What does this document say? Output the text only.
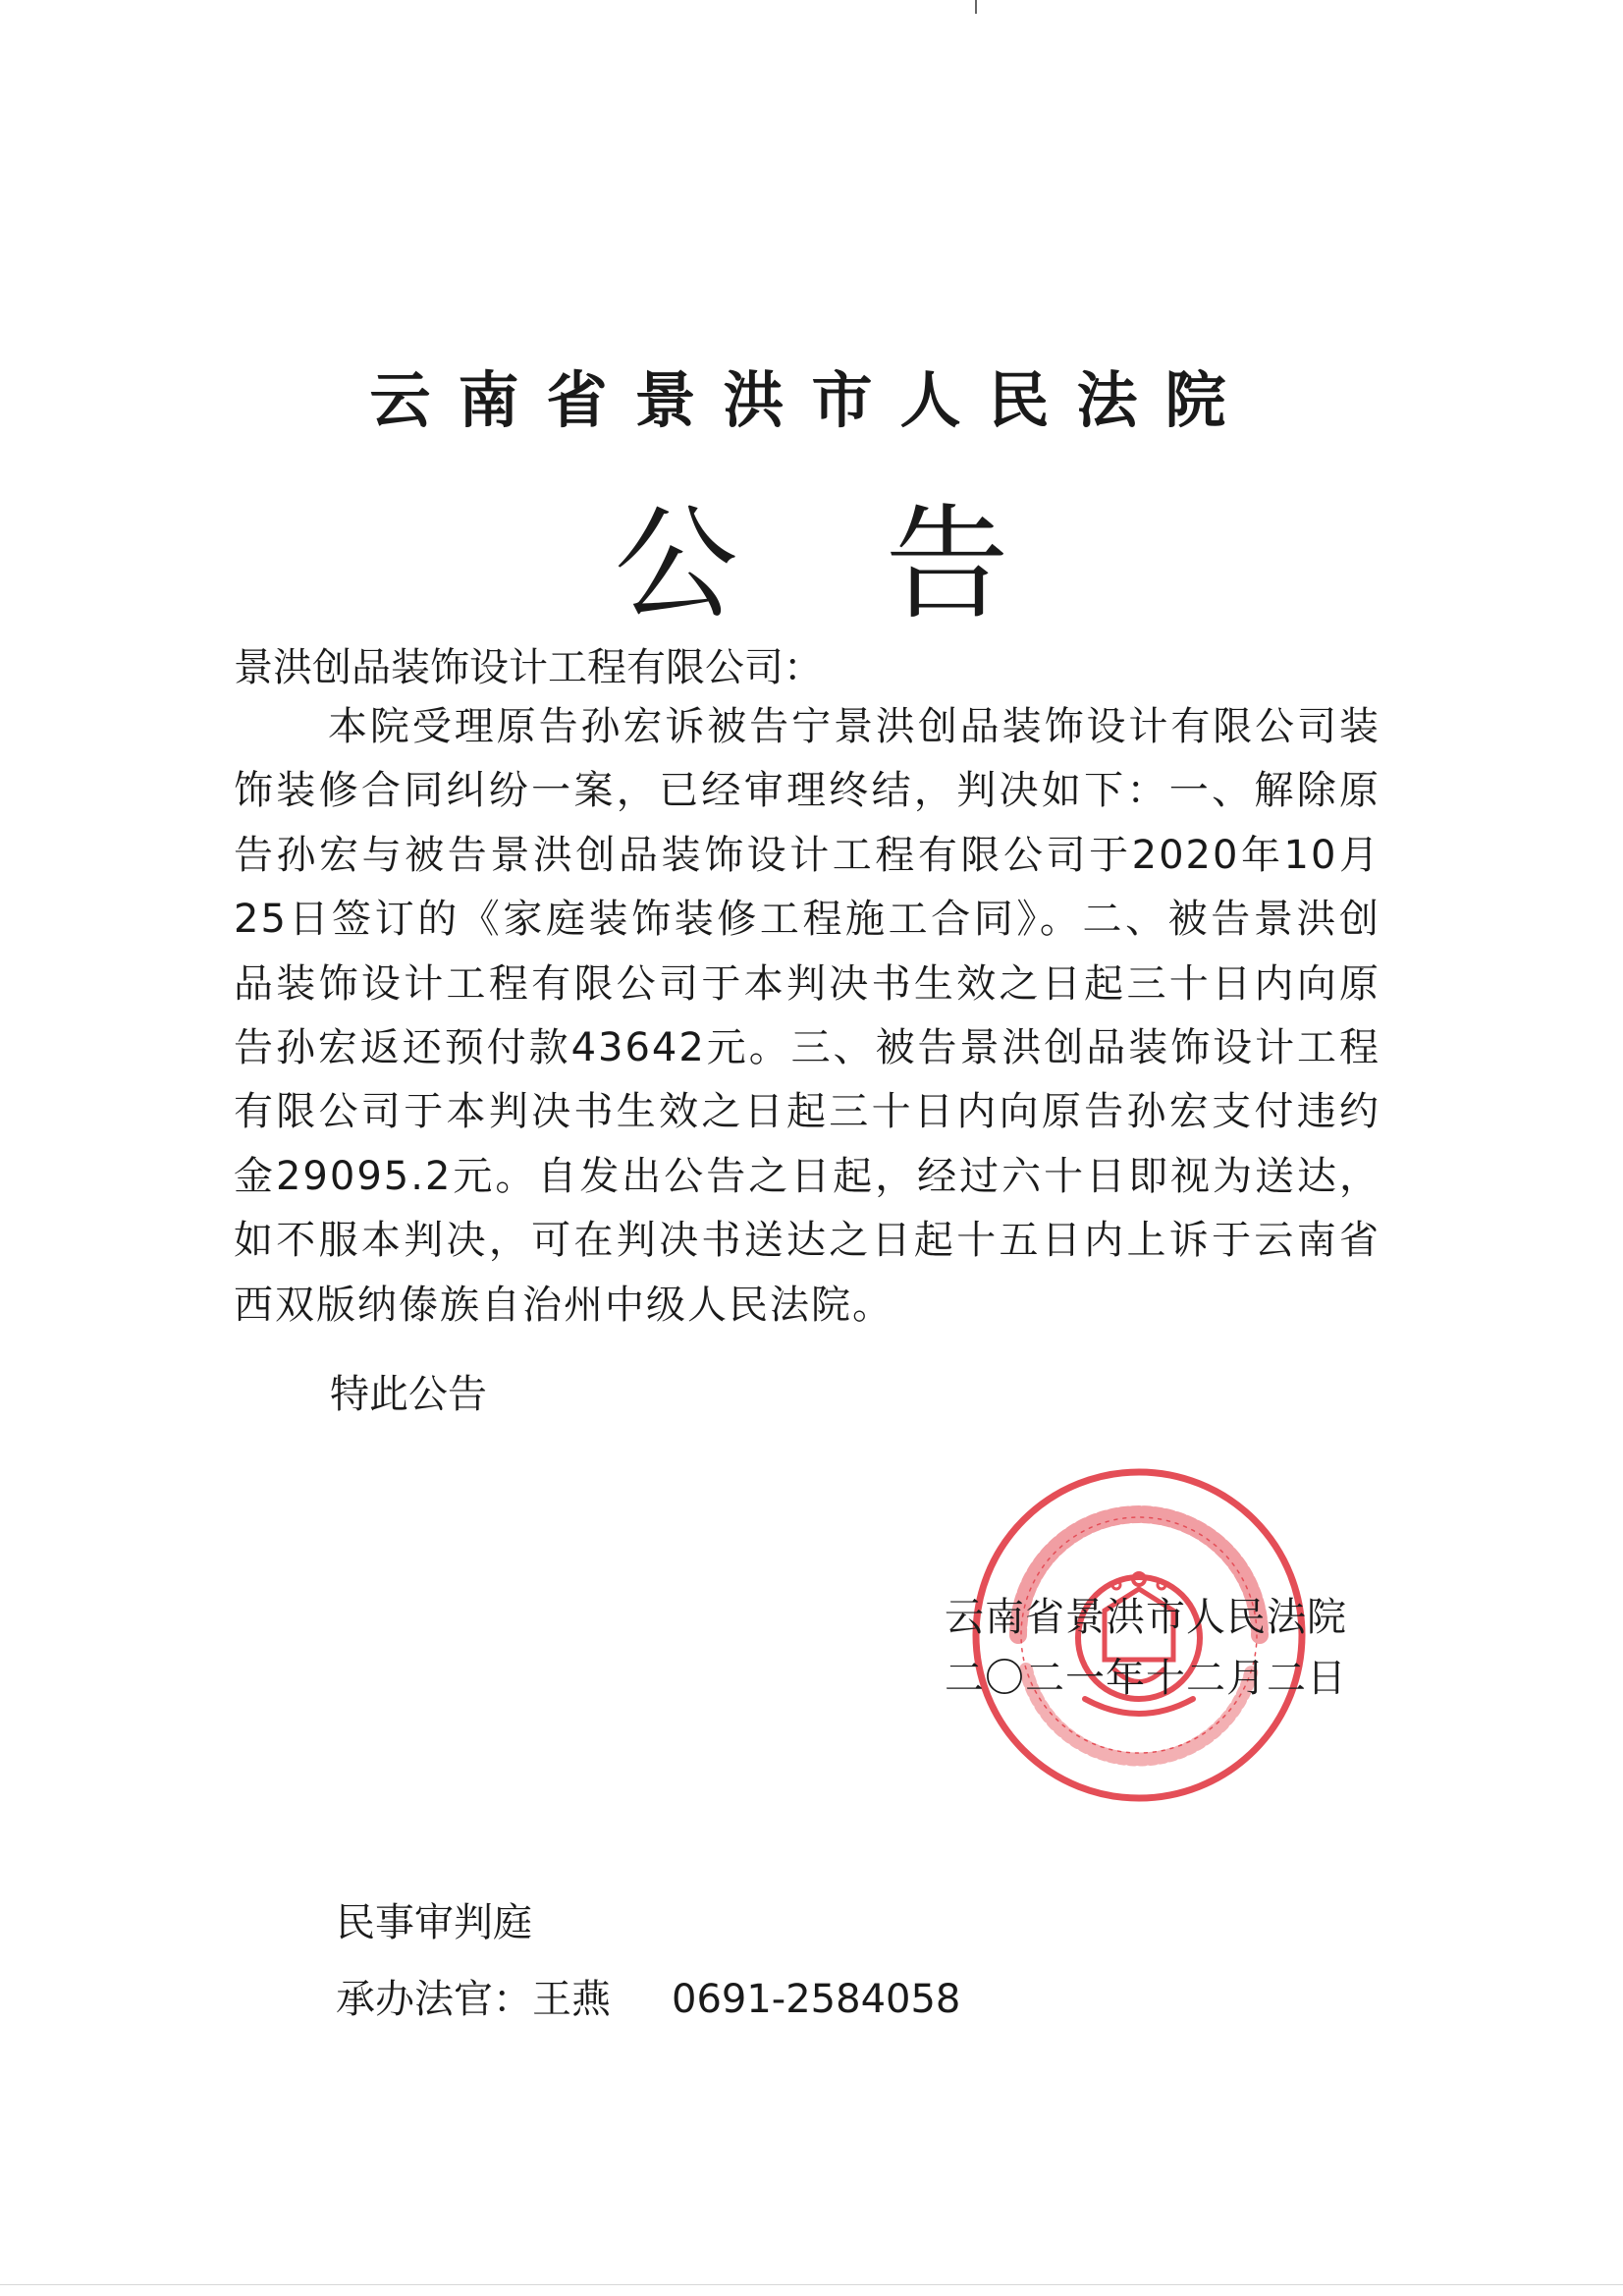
云南省景洪市人民法院
公告
景洪创品装饰设计工程有限公司：
本院受理原告孙宏诉被告宁景洪创品装饰设计有限公司装饰装修合同纠纷一案，已经审理终结，判决如下：一、解除原告孙宏与被告景洪创品装饰设计工程有限公司于2020年10月25日签订的《家庭装饰装修工程施工合同》。二、被告景洪创品装饰设计工程有限公司于本判决书生效之日起三十日内向原告孙宏返还预付款43642元。三、被告景洪创品装饰设计工程有限公司于本判决书生效之日起三十日内向原告孙宏支付违约金29095.2元。自发出公告之日起，经过六十日即视为送达，如不服本判决，可在判决书送达之日起十五日内上诉于云南省西双版纳傣族自治州中级人民法院。
特此公告
云南省景洪市人民法院
二〇二一年十二月二日
民事审判庭
承办法官：王燕 0691-2584058
